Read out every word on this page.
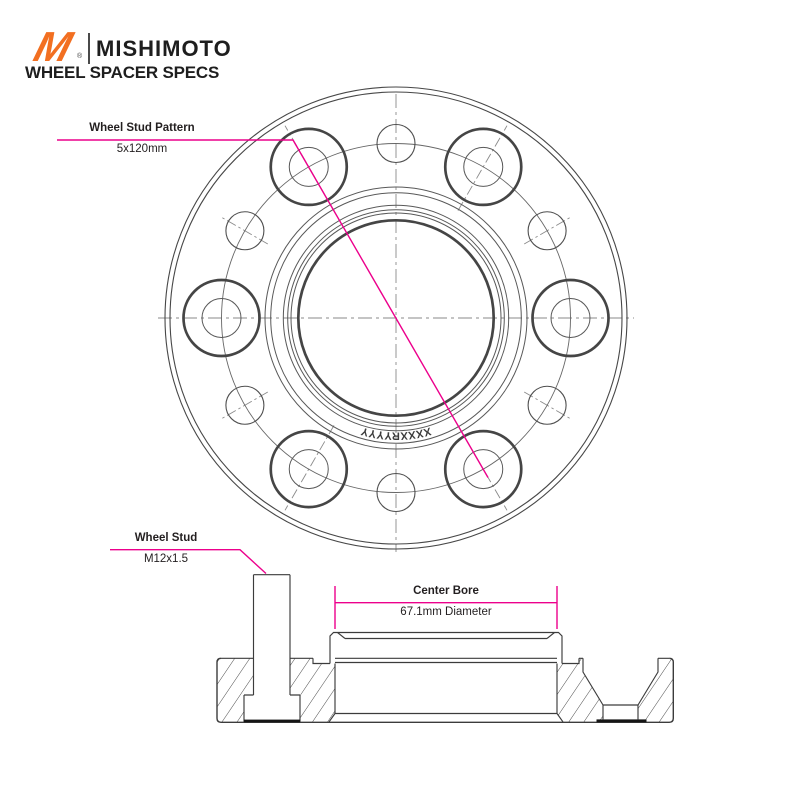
M ® MISHIMOTO
WHEEL SPACER SPECS
XXXXRYYYY
Wheel Stud Pattern
5x120mm
Wheel Stud
M12x1.5
Center Bore
67.1mm Diameter
